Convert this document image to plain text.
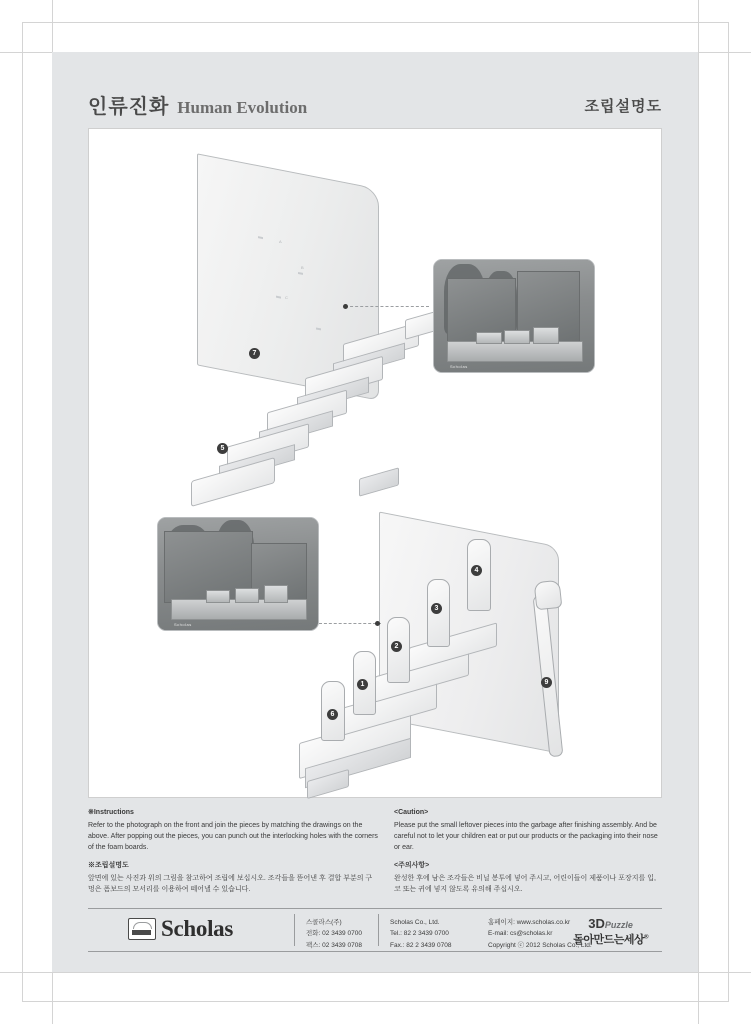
인류진화 Human Evolution	조립설명도
A
B
C
7
5
Scholas
6
1
2
3
4
9
Scholas
※Instructions
Refer to the photograph on the front and join the pieces by matching the drawings on the above. After popping out the pieces, you can punch out the interlocking holes with the corners of the foam boards.
※조립설명도
앞면에 있는 사진과 위의 그림을 참고하여 조립에 보십시오. 조각들을 뜯어낸 후 결합 부분의 구멍은 폼보드의 모서리를 이용하여 떼어낼 수 있습니다.
<Caution>
Please put the small leftover pieces into the garbage after finishing assembly. And be careful not to let your children eat or put our products or the packaging into their nose or ear.
<주의사항>
완성한 후에 남은 조각들은 비닐 봉투에 넣어 주시고, 어린이들이 제품이나 포장지를 입, 코 또는 귀에 넣지 않도록 유의해 주십시오.
Scholas	스콜라스(주)
전화: 02 3439 0700
팩스: 02 3439 0708
Scholas Co., Ltd.
Tel.: 82 2 3439 0700
Fax.: 82 2 3439 0708
홈페이지: www.scholas.co.kr
E-mail: cs@scholas.kr
Copyright ⓒ 2012 Scholas Co., Ltd.
3DPuzzle
돌아만드는세상®
